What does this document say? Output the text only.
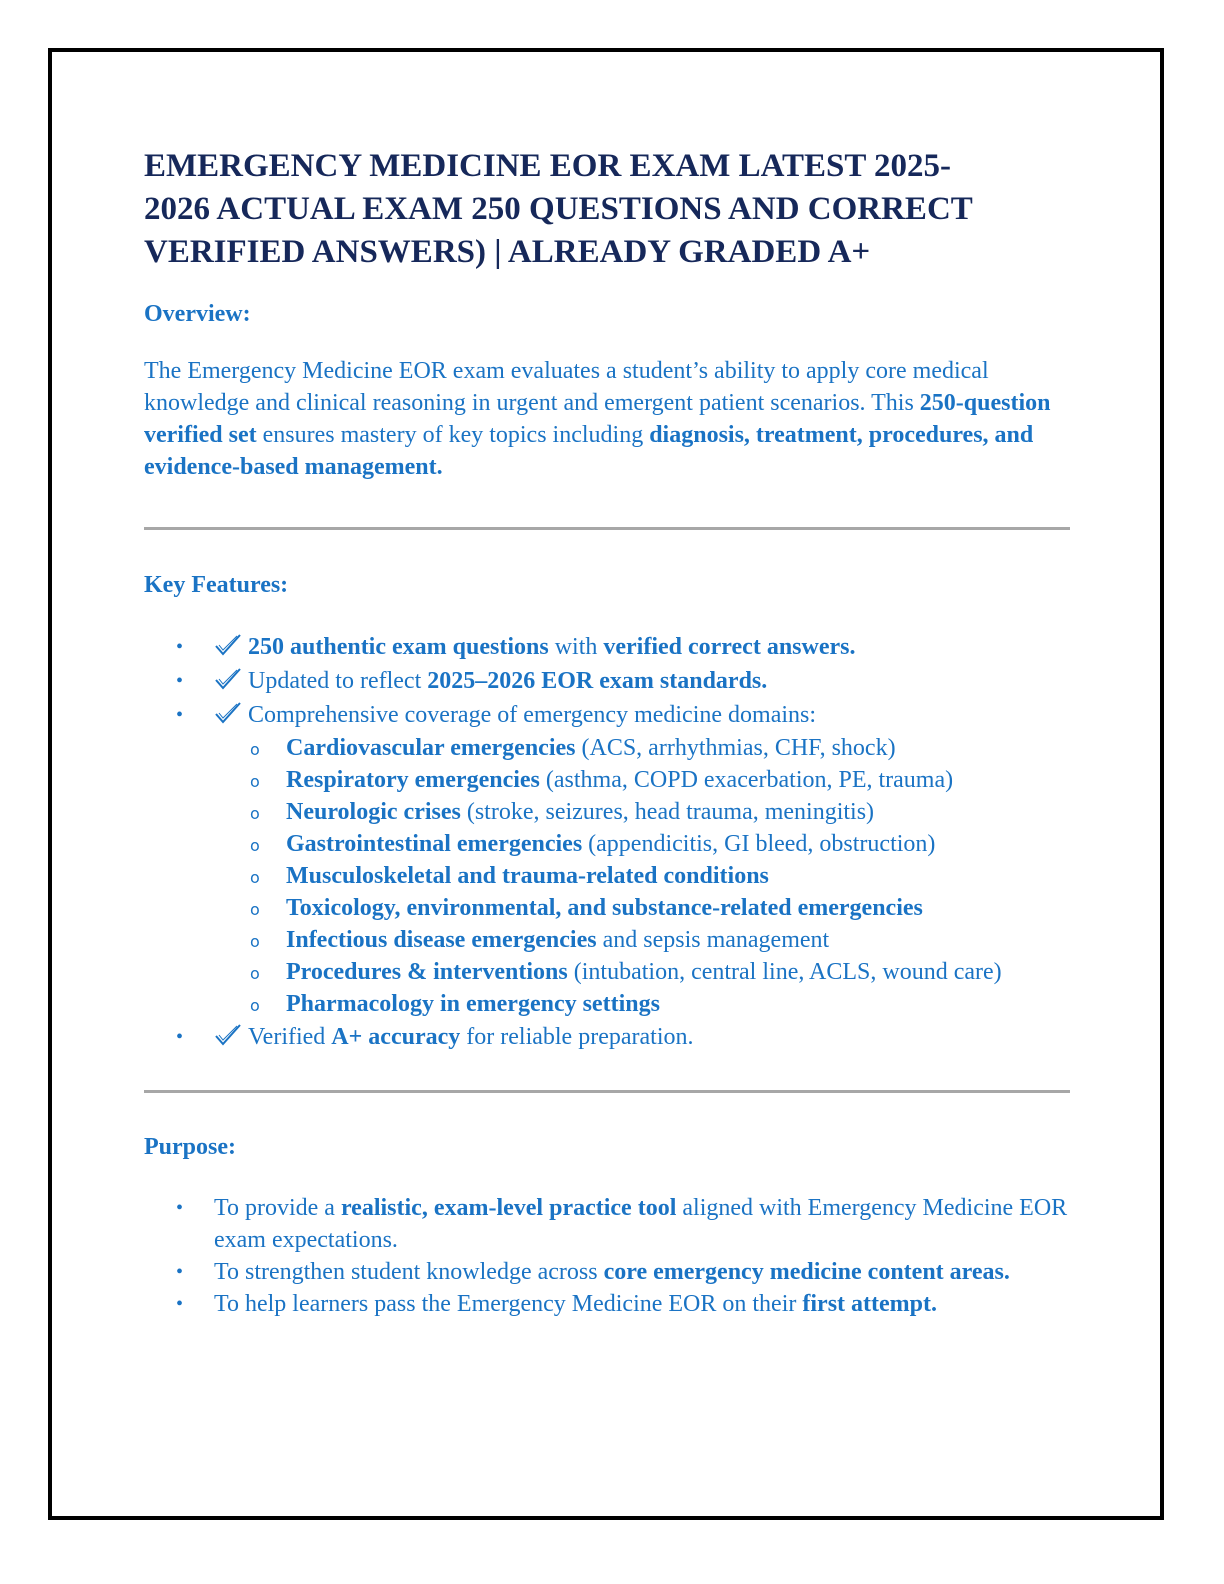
EMERGENCY MEDICINE EOR EXAM LATEST 2025-
2026 ACTUAL EXAM 250 QUESTIONS AND CORRECT
VERIFIED ANSWERS) | ALREADY GRADED A+
Overview:

The Emergency Medicine EOR exam evaluates a student’s ability to apply core medical knowledge and clinical reasoning in urgent and emergent patient scenarios. This 250-question verified set ensures mastery of key topics including diagnosis, treatment, procedures, and evidence-based management.

Key Features:
•	250 authentic exam questions with verified correct answers.
•	Updated to reflect 2025–2026 EOR exam standards.
•	Comprehensive coverage of emergency medicine domains:
o Cardiovascular emergencies (ACS, arrhythmias, CHF, shock)
o Respiratory emergencies (asthma, COPD exacerbation, PE, trauma)
o Neurologic crises (stroke, seizures, head trauma, meningitis)
o Gastrointestinal emergencies (appendicitis, GI bleed, obstruction)
o Musculoskeletal and trauma-related conditions
o Toxicology, environmental, and substance-related emergencies
o Infectious disease emergencies and sepsis management
o Procedures & interventions (intubation, central line, ACLS, wound care)
o Pharmacology in emergency settings
•	Verified A+ accuracy for reliable preparation.
Purpose:
• To provide a realistic, exam-level practice tool aligned with Emergency Medicine EOR exam expectations.
• To strengthen student knowledge across core emergency medicine content areas.
• To help learners pass the Emergency Medicine EOR on their first attempt.
